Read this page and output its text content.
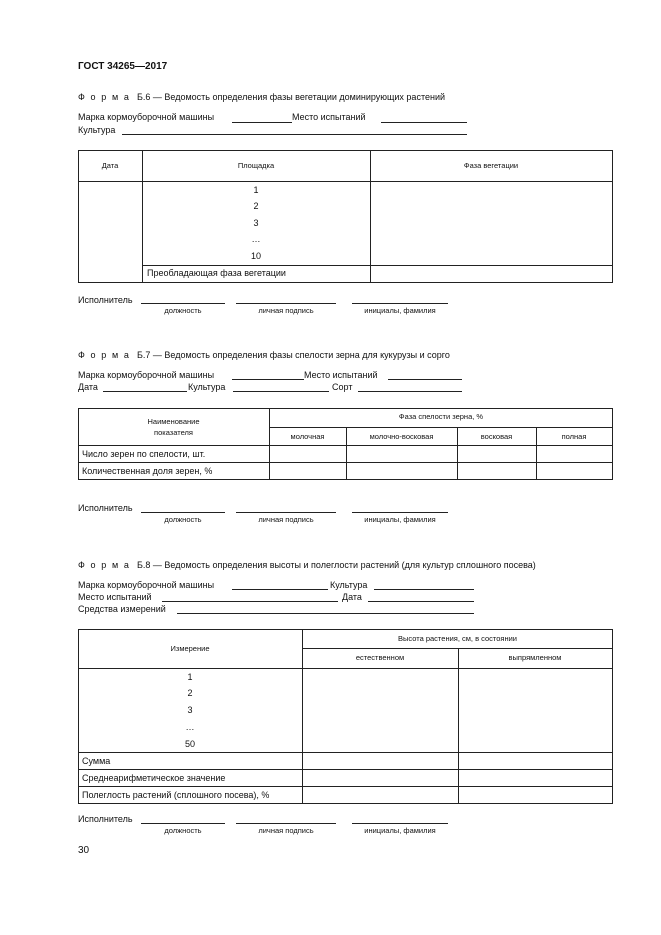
ГОСТ 34265—2017
Ф о р м а Б.6 — Ведомость определения фазы вегетации доминирующих растений
Марка кормоуборочной машины	Место испытаний
Культура
Дата	Площадка	Фаза вегетации
1
2
3
…
10
Преобладающая фаза вегетации
Исполнитель
должность	личная подпись	инициалы, фамилия
Ф о р м а Б.7 — Ведомость определения фазы спелости зерна для кукурузы и сорго
Марка кормоуборочной машины	Место испытаний
Дата	Культура	Сорт
Наименование показателя
Фаза спелости зерна, %
молочная	молочно-восковая	восковая	полная
Число зерен по спелости, шт.
Количественная доля зерен, %
Исполнитель
должность	личная подпись	инициалы, фамилия
Ф о р м а Б.8 — Ведомость определения высоты и полеглости растений (для культур сплошного посева)
Марка кормоуборочной машины	Культура
Место испытаний	Дата
Средства измерений
Измерение
Высота растения, см, в состоянии
естественном	выпрямленном
1
2
3
…
50
Сумма
Среднеарифметическое значение
Полеглость растений (сплошного посева), %
Исполнитель
должность	личная подпись	инициалы, фамилия
30
